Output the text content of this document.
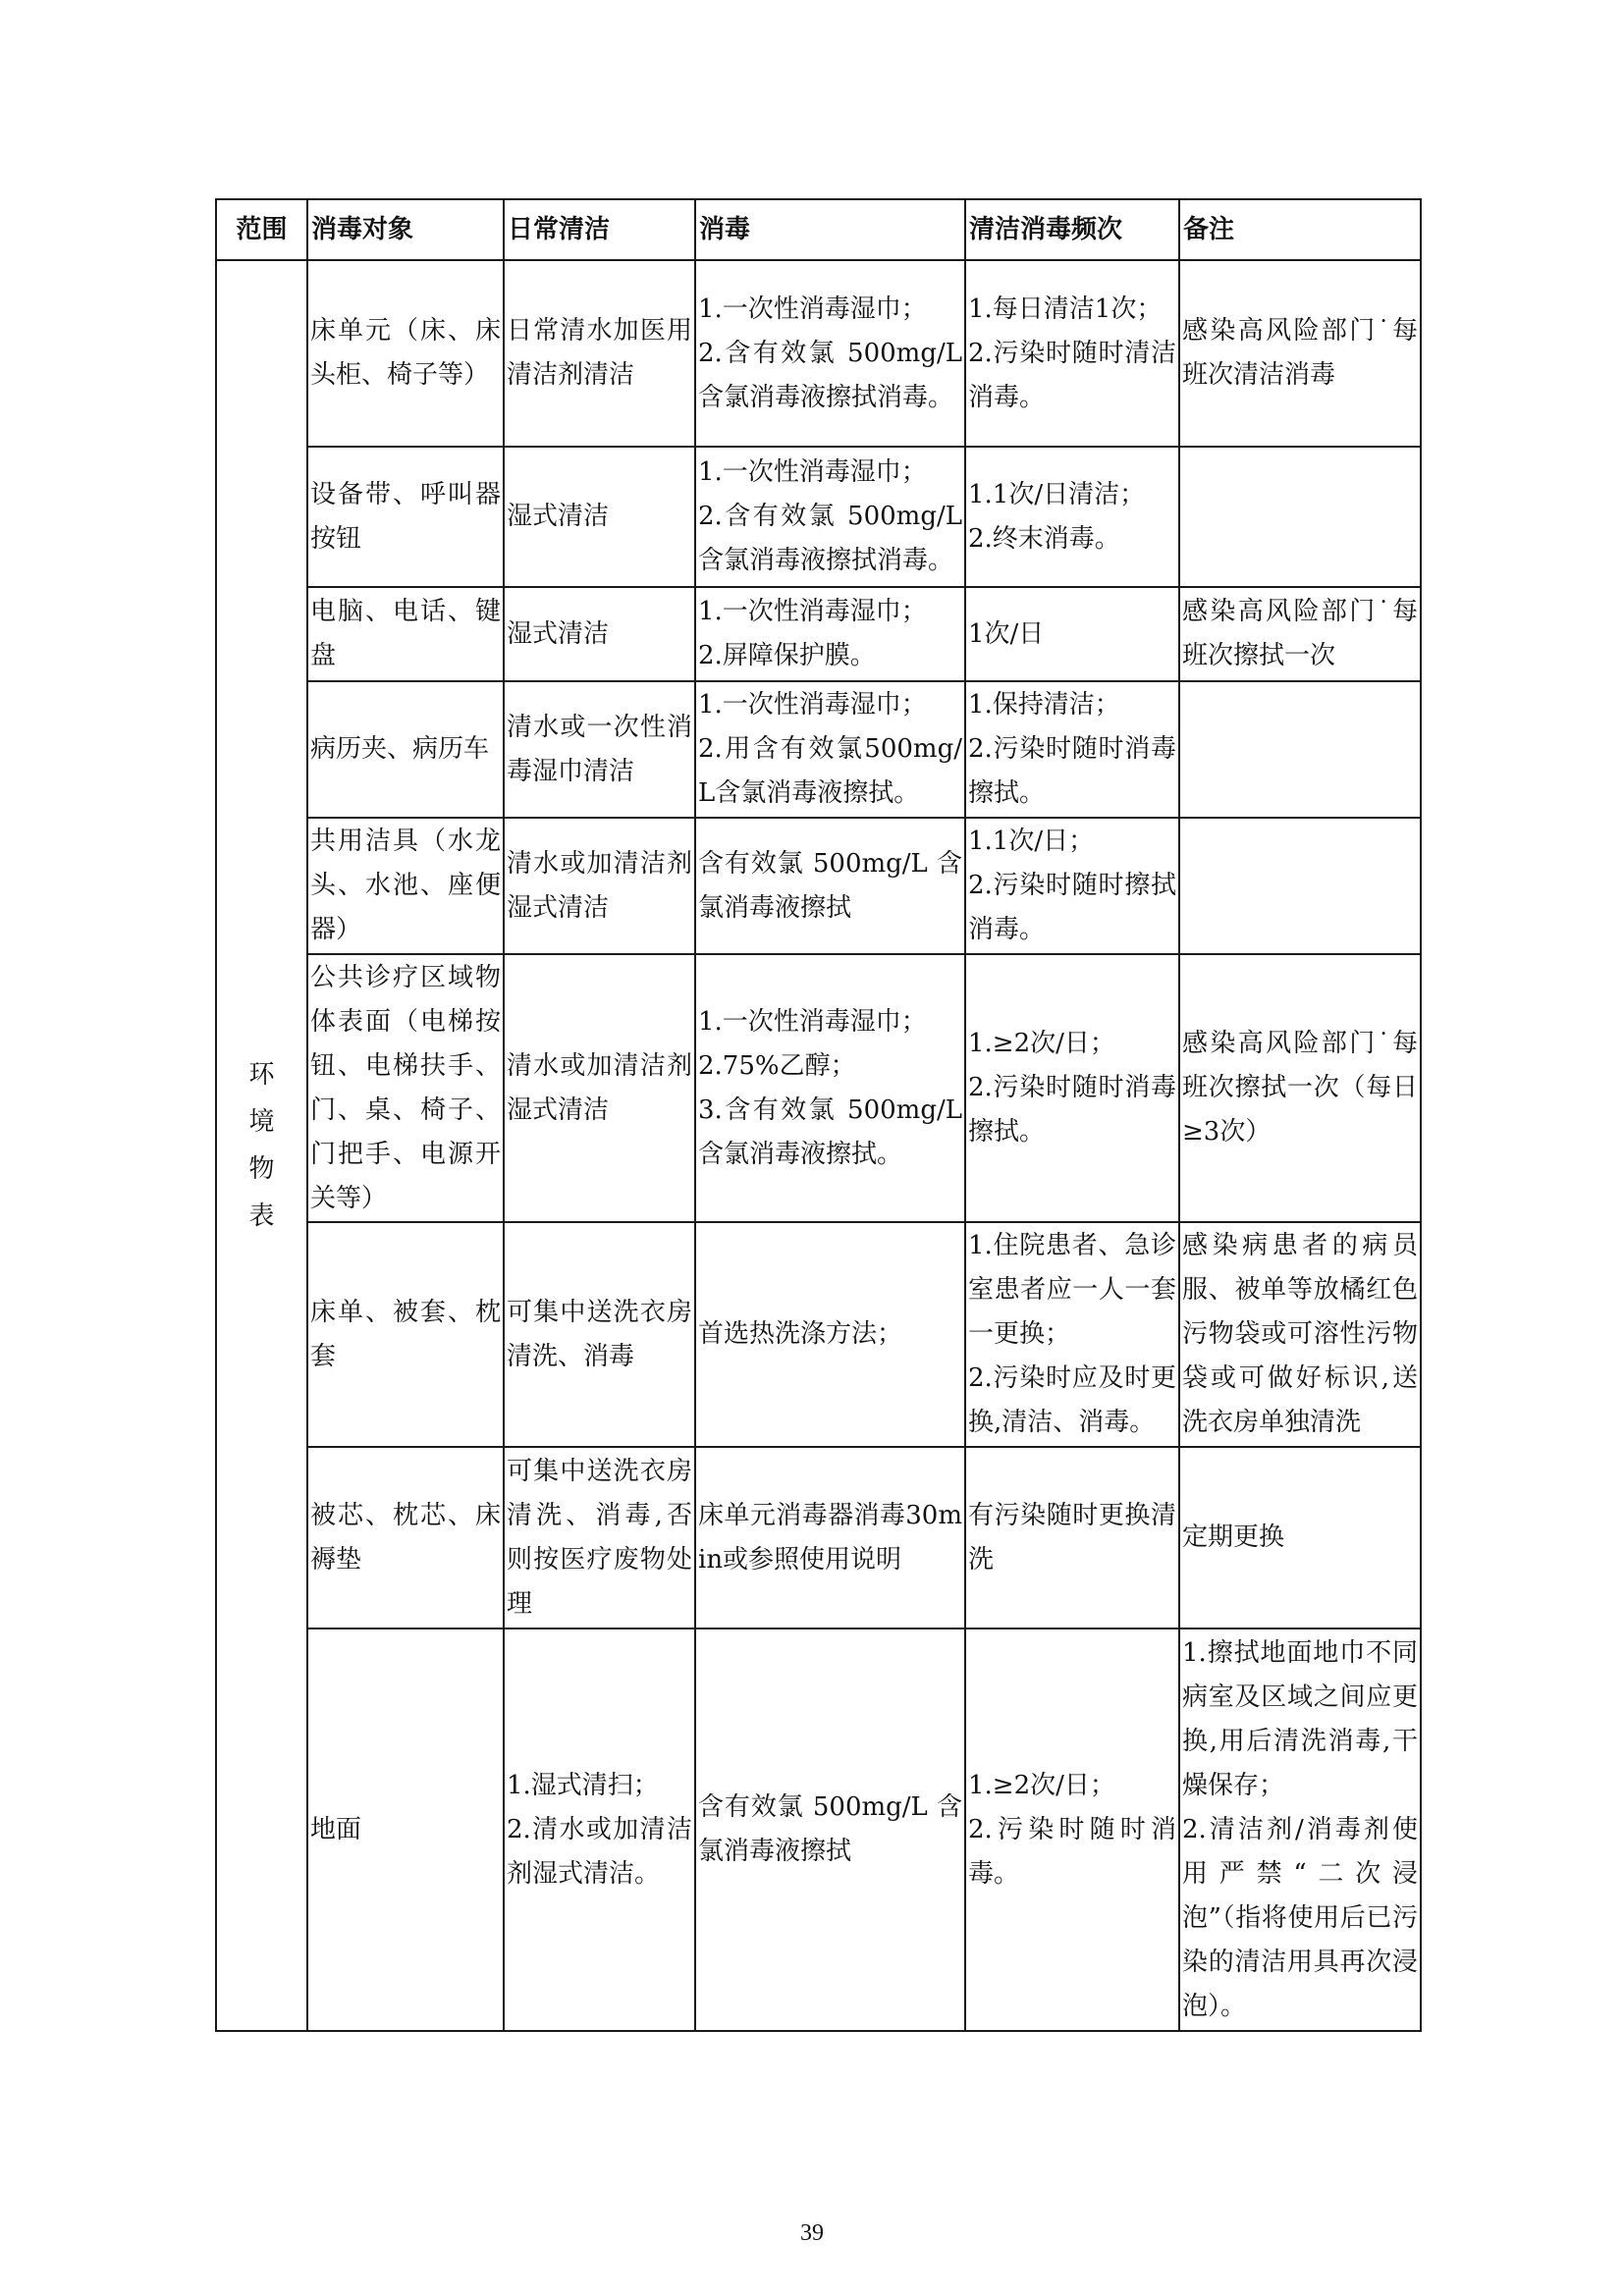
范围	消毒对象	日常清洁	消毒	清洁消毒频次	备注
环境物表	床单元（床、床头柜、椅子等）	日常清水加医用清洁剂清洁	1.一次性消毒湿巾；
2.含有效氯 500mg/L含氯消毒液擦拭消毒。	1.每日清洁1次；
2.污染时随时清洁消毒。	感染高风险部门˙每班次清洁消毒

	设备带、呼叫器按钮	湿式清洁	1.一次性消毒湿巾；
2.含有效氯 500mg/L含氯消毒液擦拭消毒。	1.1次/日清洁；
2.终末消毒。	

	电脑、电话、键盘	湿式清洁	1.一次性消毒湿巾；
2.屏障保护膜。	1次/日	感染高风险部门˙每班次擦拭一次

	病历夹、病历车	清水或一次性消毒湿巾清洁	1.一次性消毒湿巾；
2.用含有效氯500mg/L含氯消毒液擦拭。	1.保持清洁；
2.污染时随时消毒擦拭。	

	共用洁具（水龙头、水池、座便器）	清水或加清洁剂湿式清洁	含有效氯 500mg/L 含氯消毒液擦拭	1.1次/日；
2.污染时随时擦拭消毒。	

	公共诊疗区域物体表面（电梯按钮、电梯扶手、门、桌、椅子、门把手、电源开关等）	清水或加清洁剂湿式清洁	1.一次性消毒湿巾；
2.75%乙醇；
3.含有效氯 500mg/L含氯消毒液擦拭。	1.≥2次/日；
2.污染时随时消毒擦拭。	感染高风险部门˙每班次擦拭一次（每日≥3次）

	床单、被套、枕套	可集中送洗衣房清洗、消毒	首选热洗涤方法；	1.住院患者、急诊室患者应一人一套一更换；
2.污染时应及时更换,清洁、消毒。	感染病患者的病员服、被单等放橘红色污物袋或可溶性污物袋或可做好标识,送洗衣房单独清洗

	被芯、枕芯、床褥垫	可集中送洗衣房清洗、消毒,否则按医疗废物处理	床单元消毒器消毒30min或参照使用说明	有污染随时更换清洗	定期更换

	地面	1.湿式清扫；
2.清水或加清洁剂湿式清洁。	含有效氯 500mg/L 含氯消毒液擦拭	1.≥2次/日；
2.污染时随时消毒。	1.擦拭地面地巾不同病室及区域之间应更换,用后清洗消毒,干燥保存；
2.清洁剂/消毒剂使用严禁“二次浸泡”（指将使用后已污染的清洁用具再次浸泡）。
39
